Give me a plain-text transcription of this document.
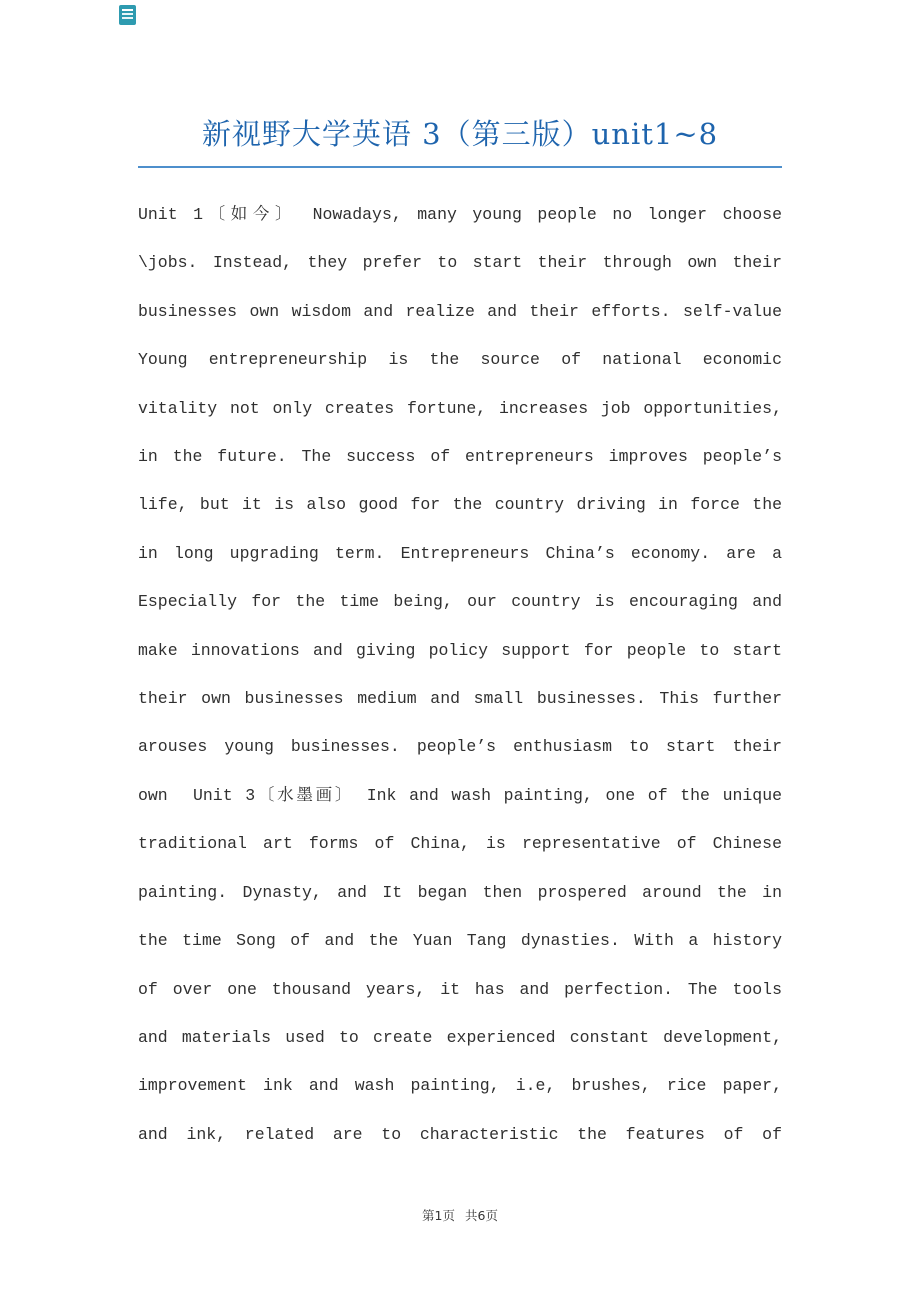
新视野大学英语 3（第三版）unit1~8
Unit 1〔如今〕 Nowadays, many young people no longer choose
\jobs. Instead, they prefer to start their through own their
businesses own wisdom and realize and their efforts. self-value
Young entrepreneurship is the source of national economic
vitality not only creates fortune, increases job opportunities,
in the future. The success of entrepreneurs improves people’s
life, but it is also good for the country driving in force the
in long upgrading term. Entrepreneurs China’s economy. are a
Especially for the time being, our country is encouraging and
make innovations and giving policy support for people to start
their own businesses medium and small businesses. This further
arouses young businesses. people’s enthusiasm to start their
own  Unit 3〔水墨画〕 Ink and wash painting, one of the unique
traditional art forms of China, is representative of Chinese
painting. Dynasty, and It began then prospered around the in
the time Song of and the Yuan Tang dynasties. With a history
of over one thousand years, it has and perfection. The tools
and materials used to create experienced constant development,
improvement ink and wash painting, i.e, brushes, rice paper,
and ink, related are to characteristic the features of of
第1页 共6页
